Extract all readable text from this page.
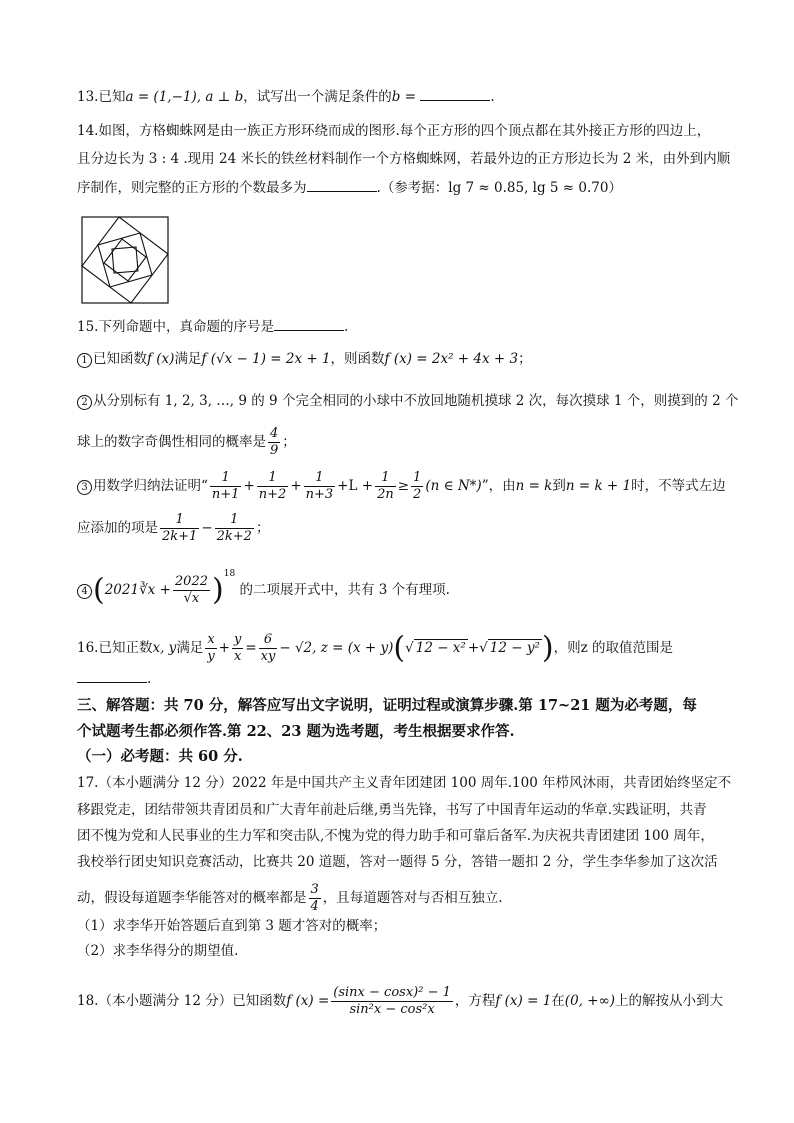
13.已知a = (1,−1), a ⊥ b，试写出一个满足条件的b =	.
14.如图，方格蜘蛛网是由一族正方形环绕而成的图形.每个正方形的四个顶点都在其外接正方形的四边上，
且分边长为 3 : 4 .现用 24 米长的铁丝材料制作一个方格蜘蛛网，若最外边的正方形边长为 2 米，由外到内顺
序制作，则完整的正方形的个数最多为	.（参考据：lg 7 ≈ 0.85, lg 5 ≈ 0.70）
15.下列命题中，真命题的序号是	.
1 已知函数f (x)满足f (√x − 1) = 2x + 1，则函数f (x) = 2x² + 4x + 3；
2 从分别标有 1, 2, 3, …, 9 的 9 个完全相同的小球中不放回地随机摸球 2 次，每次摸球 1 个，则摸到的 2 个
球上的数字奇偶性相同的概率是 $\frac{4}{9}$ ；
3 用数学归纳法证明“ $\frac{1}{n+1} + \frac{1}{n+2} + \frac{1}{n+3} +L + \frac{1}{2n} \ge \frac{1}{2} (n$ ∈ N*)”，由n = k到n = k + 1时，不等式左边
应添加的项是 $\frac{1}{2k+1} - \frac{1}{2k+2}$ ；
4 (2021∛x + $\frac{2022}{√x} )^{18}$ 的二项展开式中，共有 3 个有理项.
16.已知正数x, y满足 $\frac{x}{y} + \frac{y}{x} = \frac{6}{xy} - √2$, z = (x + y)(√ 12 − x² +√ 12 − y²)，则z 的取值范围是
.
三、解答题：共 70 分，解答应写出文字说明，证明过程或演算步骤.第 17~21 题为必考题，每
个试题考生都必须作答.第 22、23 题为选考题，考生根据要求作答.
（一）必考题：共 60 分.
17.（本小题满分 12 分）2022 年是中国共产主义青年团建团 100 周年.100 年栉风沐雨，共青团始终坚定不
移跟党走，团结带领共青团员和广大青年前赴后继,勇当先锋，书写了中国青年运动的华章.实践证明，共青
团不愧为党和人民事业的生力军和突击队,不愧为党的得力助手和可靠后备军.为庆祝共青团建团 100 周年，
我校举行团史知识竞赛活动，比赛共 20 道题，答对一题得 5 分，答错一题扣 2 分，学生李华参加了这次活
动，假设每道题李华能答对的概率都是 $\frac{3}{4}$ ，且每道题答对与否相互独立.
（1）求李华开始答题后直到第 3 题才答对的概率；
（2）求李华得分的期望值.
18.（本小题满分 12 分）已知函数f $(x) = \frac{\text{(sinx − cosx)² − 1}}{\text{sin²x − cos²x}}$ ，方程f (x) = 1在(0, +∞)上的解按从小到大
